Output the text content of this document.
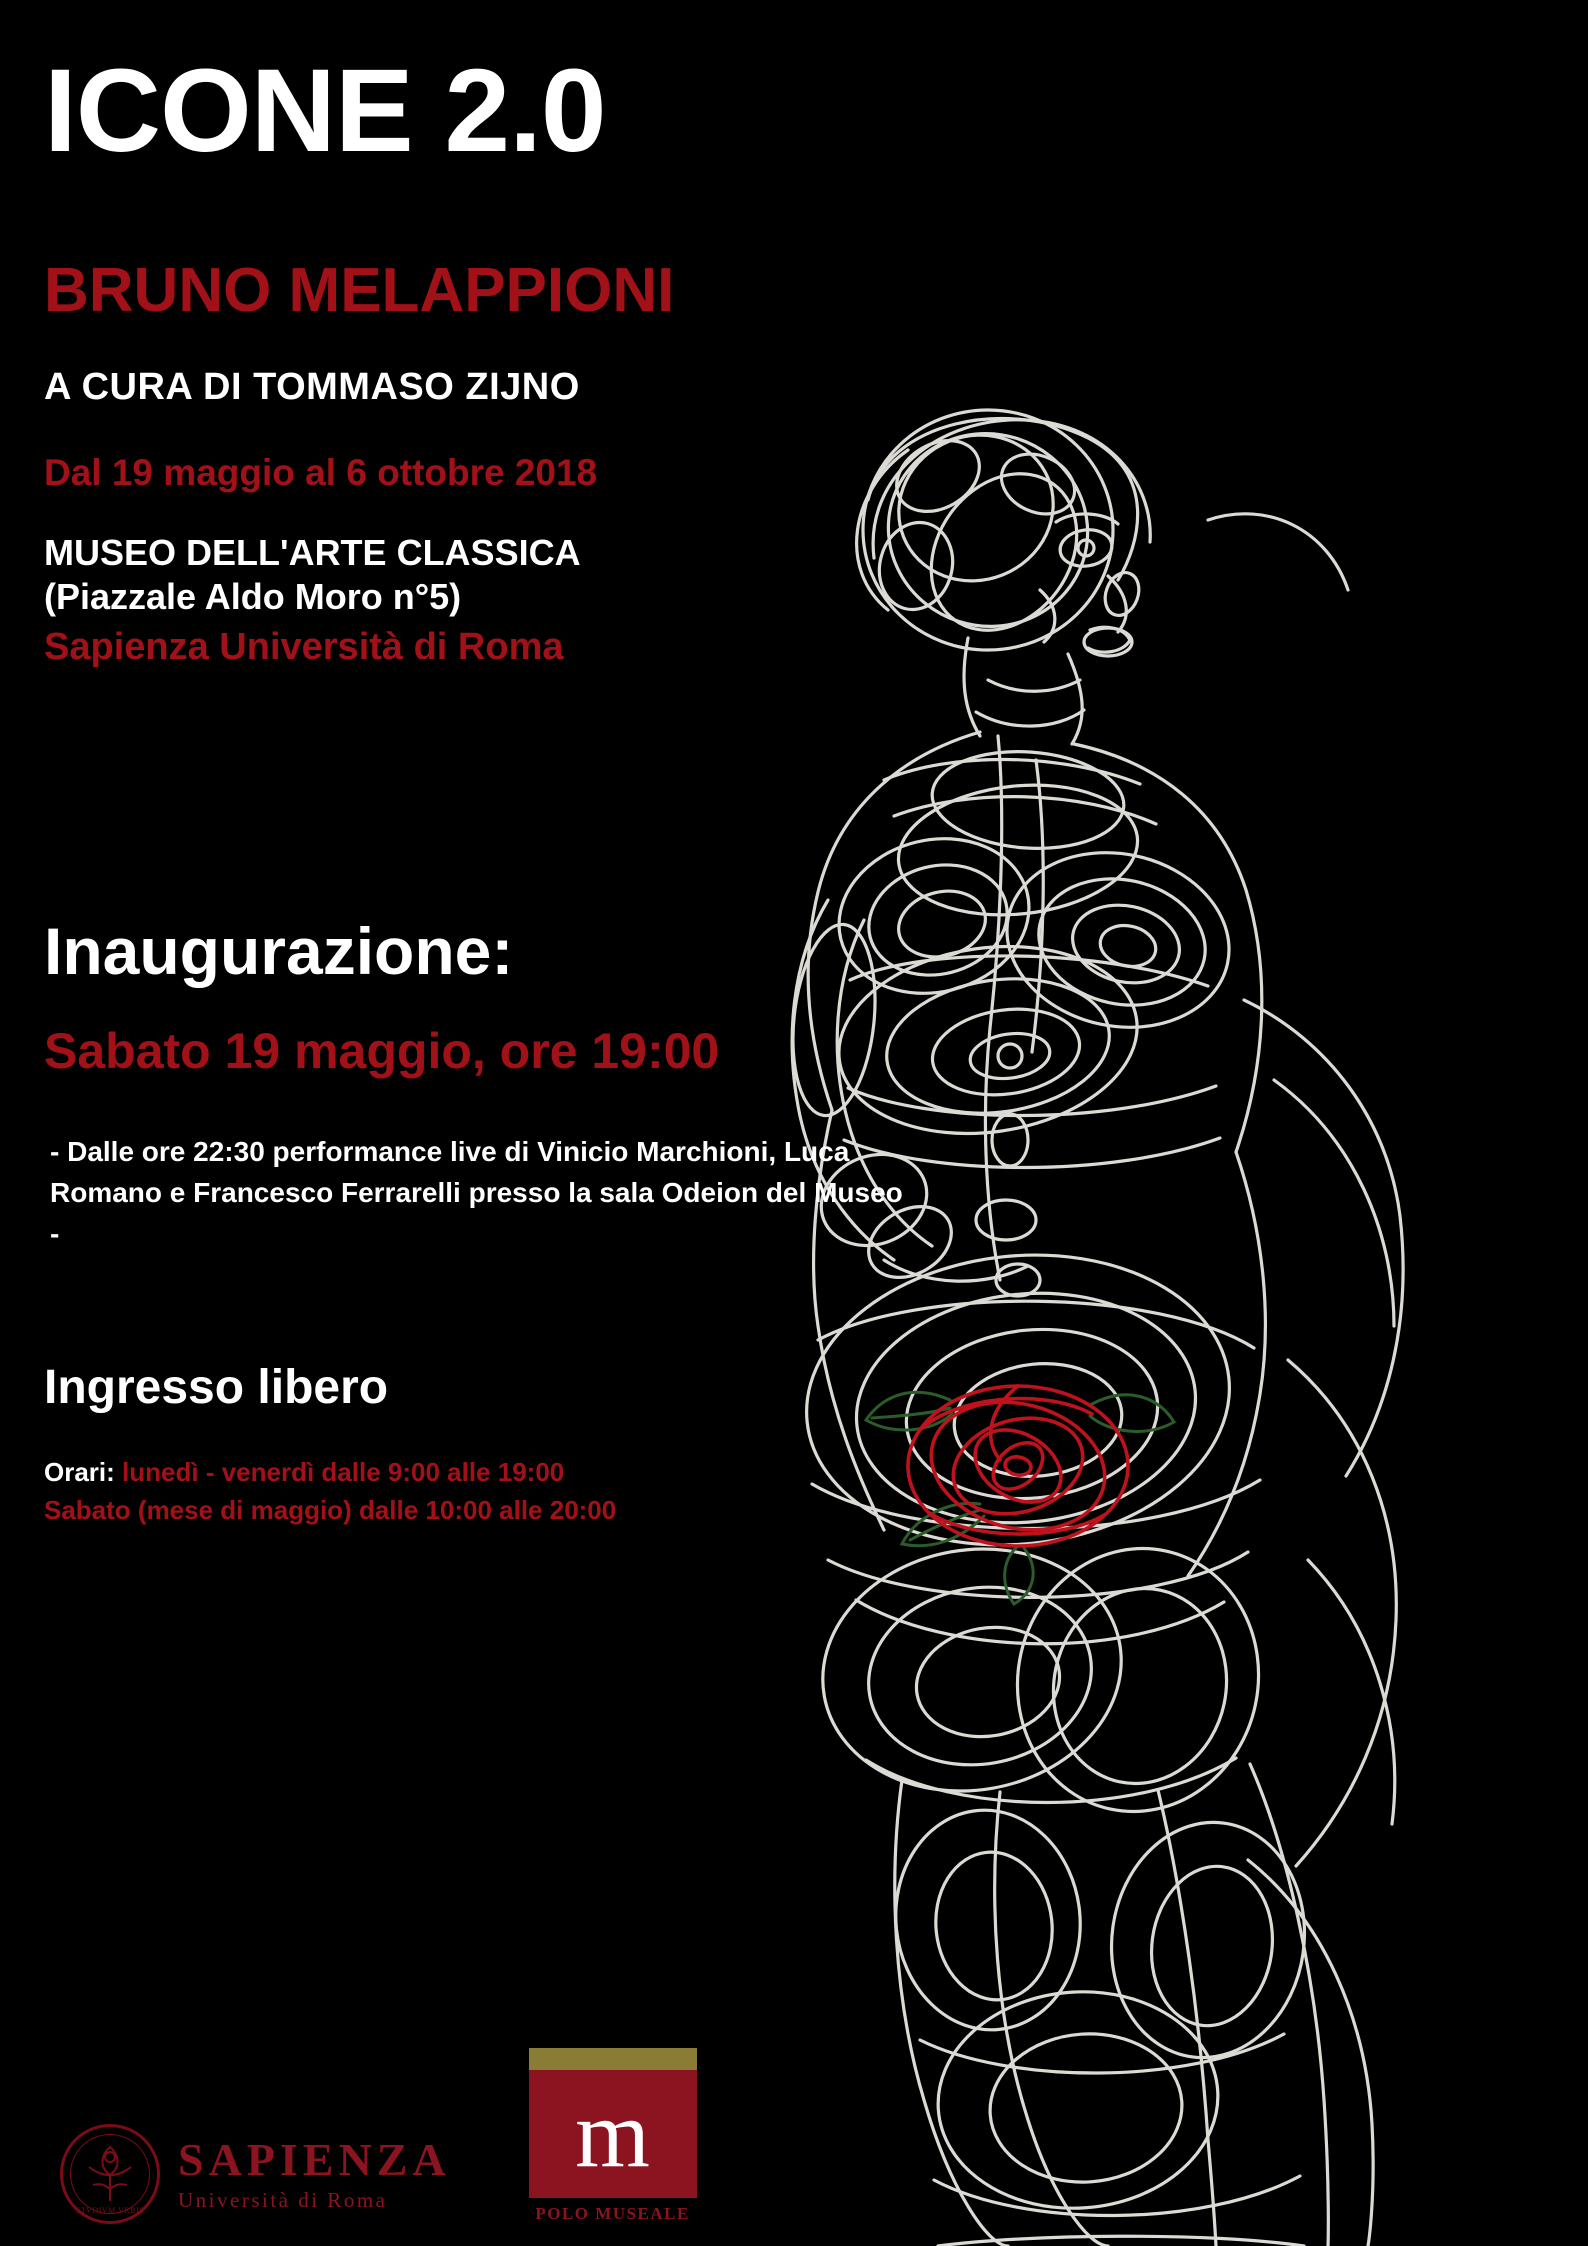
ICONE 2.0
BRUNO MELAPPIONI
A CURA DI TOMMASO ZIJNO
Dal 19 maggio al 6 ottobre 2018
MUSEO DELL'ARTE CLASSICA
(Piazzale Aldo Moro n°5)
Sapienza Università di Roma
Inaugurazione:
Sabato 19 maggio, ore 19:00
- Dalle ore 22:30 performance live di Vinicio Marchioni, Luca Romano e Francesco Ferrarelli presso la sala Odeion del Museo -
Ingresso libero
Orari: lunedì - venerdì dalle 9:00 alle 19:00
Sabato (mese di maggio) dalle 10:00 alle 20:00
STVDIVM VRBIS
SAPIENZA
Università di Roma
m
POLO MUSEALE
